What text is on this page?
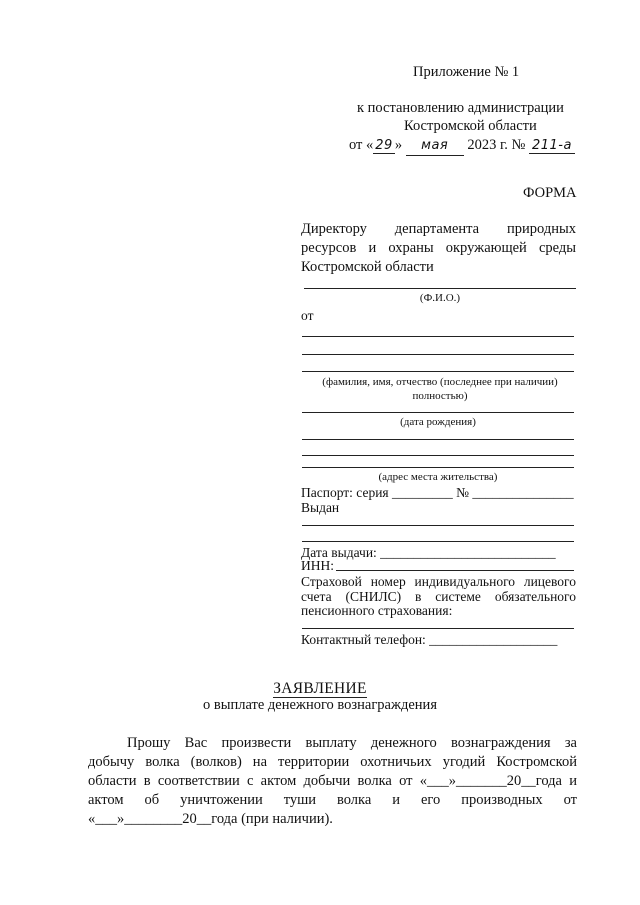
Приложение № 1
к постановлению администрации
Костромской области
от « 29 » мая 2023 г. № 211-а
ФОРМА
Директору департамента природных
ресурсов и охраны окружающей среды
Костромской области
(Ф.И.О.)
от
(фамилия, имя, отчество (последнее при наличии)
полностью)
(дата рождения)
(адрес места жительства)
Паспорт: серия _________ № _______________
Выдан
Дата выдачи: __________________________
ИНН:
Страховой номер индивидуального лицевого
счета (СНИЛС) в системе обязательного
пенсионного страхования:
Контактный телефон: ___________________
ЗАЯВЛЕНИЕ
о выплате денежного вознаграждения
Прошу Вас произвести выплату денежного вознаграждения за
добычу волка (волков) на территории охотничьих угодий Костромской
области в соответствии с актом добычи волка от «___»_______20__года и
актом об уничтожении туши волка и его производных от
«___»________20__года (при наличии).
